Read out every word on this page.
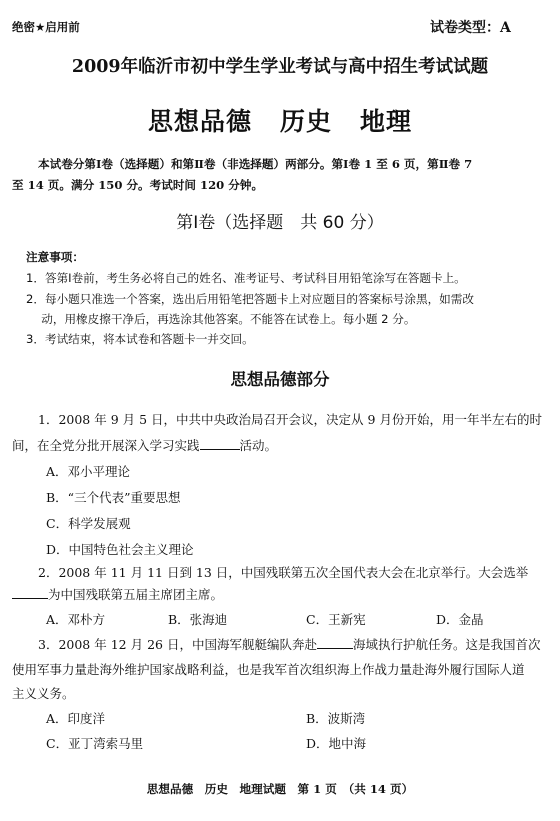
绝密★启用前	试卷类型：A
2009年临沂市初中学生学业考试与高中招生考试试题
思想品德 历史 地理
本试卷分第Ⅰ卷（选择题）和第Ⅱ卷（非选择题）两部分。第Ⅰ卷 1 至 6 页，第Ⅱ卷 7
至 14 页。满分 150 分。考试时间 120 分钟。
第Ⅰ卷（选择题　共 60 分）
注意事项：
1．答第Ⅰ卷前，考生务必将自己的姓名、准考证号、考试科目用铅笔涂写在答题卡上。
2．每小题只准选一个答案，选出后用铅笔把答题卡上对应题目的答案标号涂黑，如需改
　 动，用橡皮擦干净后，再选涂其他答案。不能答在试卷上。每小题 2 分。
3．考试结束，将本试卷和答题卡一并交回。
思想品德部分
1．2008 年 9 月 5 日，中共中央政治局召开会议，决定从 9 月份开始，用一年半左右的时
间，在全党分批开展深入学习实践	活动。
A．邓小平理论
B．“三个代表”重要思想
C．科学发展观
D．中国特色社会主义理论
2．2008 年 11 月 11 日到 13 日，中国残联第五次全国代表大会在北京举行。大会选举
为中国残联第五届主席团主席。
A．邓朴方	B．张海迪	C．王新宪	D．金晶
3．2008 年 12 月 26 日，中国海军舰艇编队奔赴	海域执行护航任务。这是我国首次
使用军事力量赴海外维护国家战略利益，也是我军首次组织海上作战力量赴海外履行国际人道
主义义务。
A．印度洋	B．波斯湾
C．亚丁湾索马里	D．地中海
思想品德　历史　地理试题　第 1 页　（共 14 页）
